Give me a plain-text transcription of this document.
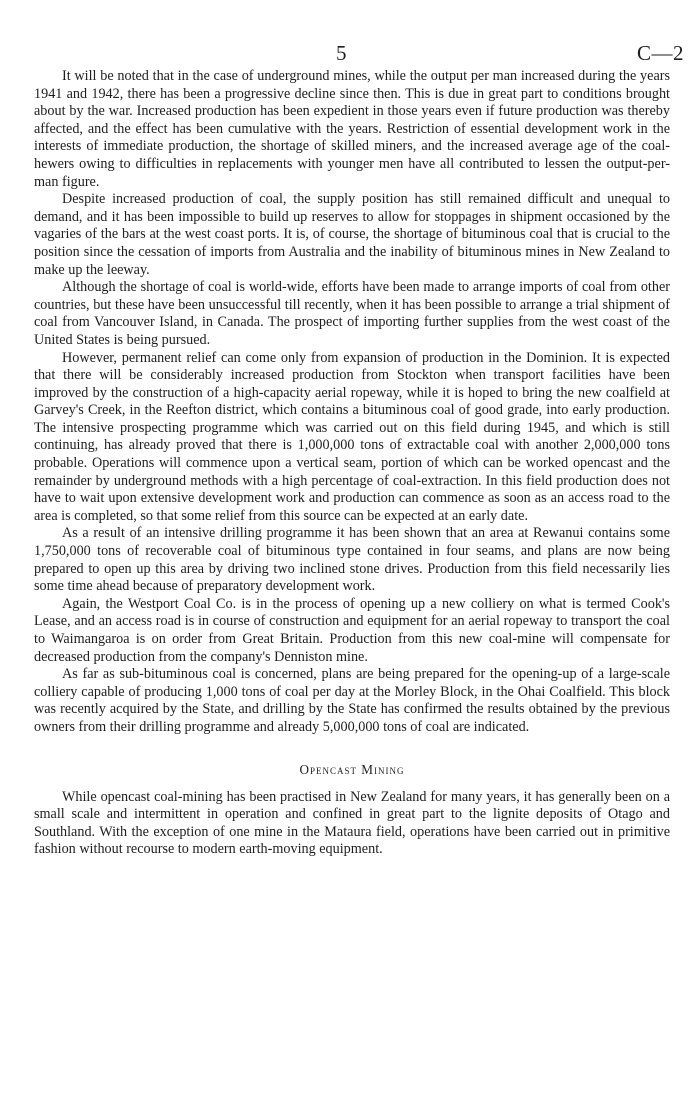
5	C—2

It will be noted that in the case of underground mines, while the output per man increased during the years 1941 and 1942, there has been a progressive decline since then. This is due in great part to conditions brought about by the war. Increased production has been expedient in those years even if future production was thereby affected, and the effect has been cumulative with the years. Restriction of essential development work in the interests of immediate production, the shortage of skilled miners, and the increased average age of the coal-hewers owing to difficulties in replacements with younger men have all contributed to lessen the output-per-man figure.

Despite increased production of coal, the supply position has still remained difficult and unequal to demand, and it has been impossible to build up reserves to allow for stoppages in shipment occasioned by the vagaries of the bars at the west coast ports. It is, of course, the shortage of bituminous coal that is crucial to the position since the cessation of imports from Australia and the inability of bituminous mines in New Zealand to make up the leeway.

Although the shortage of coal is world-wide, efforts have been made to arrange imports of coal from other countries, but these have been unsuccessful till recently, when it has been possible to arrange a trial shipment of coal from Vancouver Island, in Canada. The prospect of importing further supplies from the west coast of the United States is being pursued.

However, permanent relief can come only from expansion of production in the Dominion. It is expected that there will be considerably increased production from Stockton when transport facilities have been improved by the construction of a high-capacity aerial ropeway, while it is hoped to bring the new coalfield at Garvey's Creek, in the Reefton district, which contains a bituminous coal of good grade, into early production. The intensive prospecting programme which was carried out on this field during 1945, and which is still continuing, has already proved that there is 1,000,000 tons of extractable coal with another 2,000,000 tons probable. Operations will commence upon a vertical seam, portion of which can be worked opencast and the remainder by underground methods with a high percentage of coal-extraction. In this field production does not have to wait upon extensive development work and production can commence as soon as an access road to the area is completed, so that some relief from this source can be expected at an early date.

As a result of an intensive drilling programme it has been shown that an area at Rewanui contains some 1,750,000 tons of recoverable coal of bituminous type contained in four seams, and plans are now being prepared to open up this area by driving two inclined stone drives. Production from this field necessarily lies some time ahead because of preparatory development work.

Again, the Westport Coal Co. is in the process of opening up a new colliery on what is termed Cook's Lease, and an access road is in course of construction and equipment for an aerial ropeway to transport the coal to Waimangaroa is on order from Great Britain. Production from this new coal-mine will compensate for decreased production from the company's Denniston mine.

As far as sub-bituminous coal is concerned, plans are being prepared for the opening-up of a large-scale colliery capable of producing 1,000 tons of coal per day at the Morley Block, in the Ohai Coalfield. This block was recently acquired by the State, and drilling by the State has confirmed the results obtained by the previous owners from their drilling programme and already 5,000,000 tons of coal are indicated.

Opencast Mining

While opencast coal-mining has been practised in New Zealand for many years, it has generally been on a small scale and intermittent in operation and confined in great part to the lignite deposits of Otago and Southland. With the exception of one mine in the Mataura field, operations have been carried out in primitive fashion without recourse to modern earth-moving equipment.
